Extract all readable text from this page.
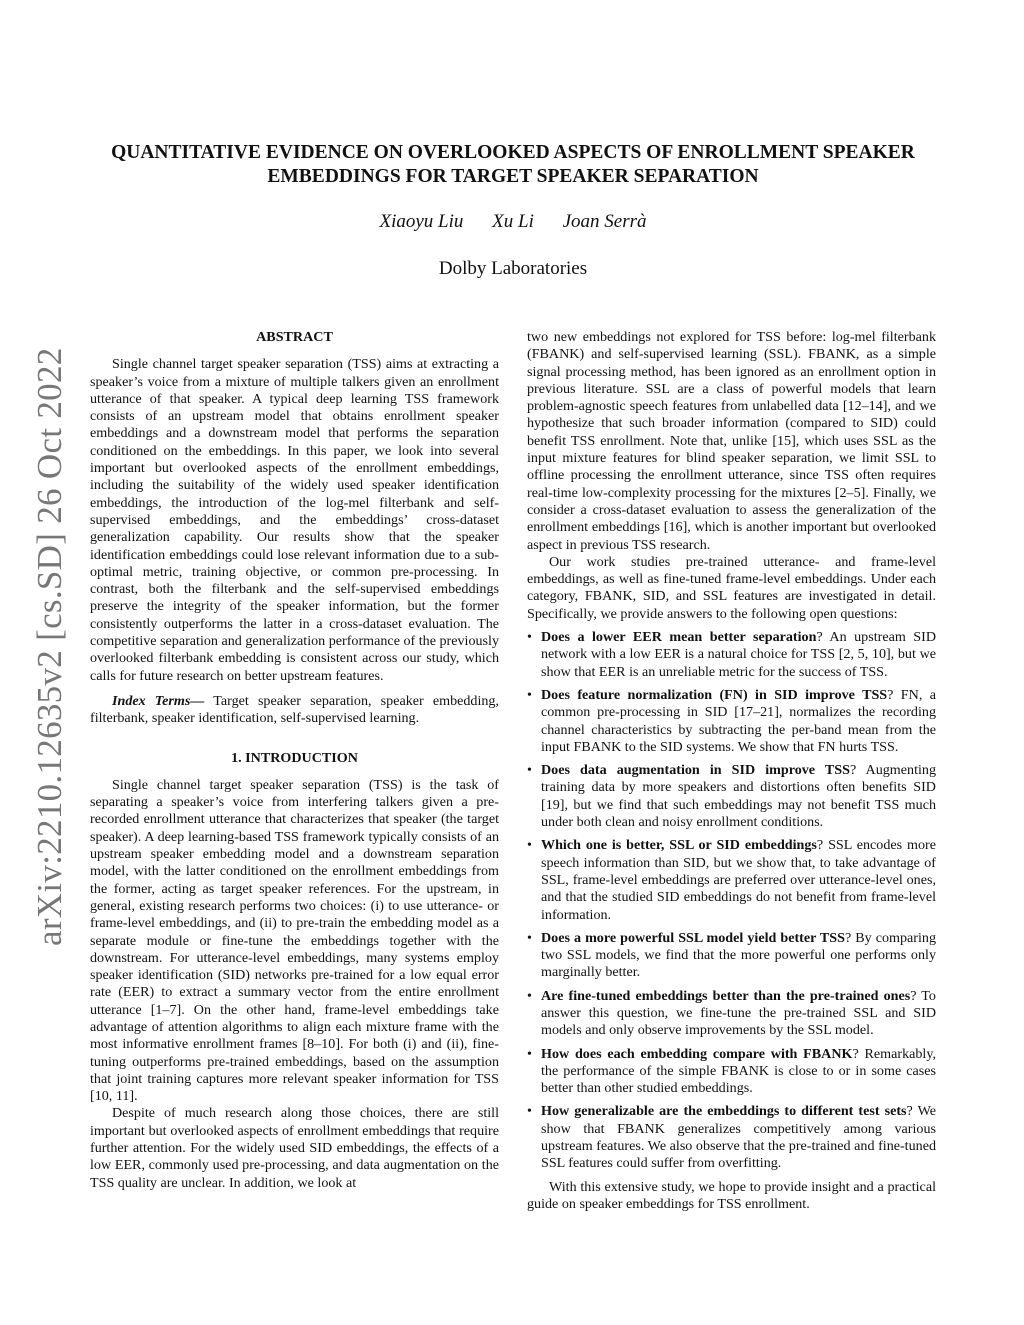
arXiv:2210.12635v2 [cs.SD] 26 Oct 2022
QUANTITATIVE EVIDENCE ON OVERLOOKED ASPECTS OF ENROLLMENT SPEAKER
EMBEDDINGS FOR TARGET SPEAKER SEPARATION
Xiaoyu Liu Xu Li Joan Serrà
Dolby Laboratories
ABSTRACT

Single channel target speaker separation (TSS) aims at extracting a speaker’s voice from a mixture of multiple talkers given an enrollment utterance of that speaker. A typical deep learning TSS framework consists of an upstream model that obtains enrollment speaker embeddings and a downstream model that performs the separation conditioned on the embeddings. In this paper, we look into several important but overlooked aspects of the enrollment embeddings, including the suitability of the widely used speaker identification embeddings, the introduction of the log-mel filterbank and self-supervised embeddings, and the embeddings’ cross-dataset generalization capability. Our results show that the speaker identification embeddings could lose relevant information due to a sub-optimal metric, training objective, or common pre-processing. In contrast, both the filterbank and the self-supervised embeddings preserve the integrity of the speaker information, but the former consistently outperforms the latter in a cross-dataset evaluation. The competitive separation and generalization performance of the previously overlooked filterbank embedding is consistent across our study, which calls for future research on better upstream features.

Index Terms— Target speaker separation, speaker embedding, filterbank, speaker identification, self-supervised learning.

1. INTRODUCTION

Single channel target speaker separation (TSS) is the task of separating a speaker’s voice from interfering talkers given a pre-recorded enrollment utterance that characterizes that speaker (the target speaker). A deep learning-based TSS framework typically consists of an upstream speaker embedding model and a downstream separation model, with the latter conditioned on the enrollment embeddings from the former, acting as target speaker references. For the upstream, in general, existing research performs two choices: (i) to use utterance- or frame-level embeddings, and (ii) to pre-train the embedding model as a separate module or fine-tune the embeddings together with the downstream. For utterance-level embeddings, many systems employ speaker identification (SID) networks pre-trained for a low equal error rate (EER) to extract a summary vector from the entire enrollment utterance [1–7]. On the other hand, frame-level embeddings take advantage of attention algorithms to align each mixture frame with the most informative enrollment frames [8–10]. For both (i) and (ii), fine-tuning outperforms pre-trained embeddings, based on the assumption that joint training captures more relevant speaker information for TSS [10, 11].

Despite of much research along those choices, there are still important but overlooked aspects of enrollment embeddings that require further attention. For the widely used SID embeddings, the effects of a low EER, commonly used pre-processing, and data augmentation on the TSS quality are unclear. In addition, we look at

two new embeddings not explored for TSS before: log-mel filterbank (FBANK) and self-supervised learning (SSL). FBANK, as a simple signal processing method, has been ignored as an enrollment option in previous literature. SSL are a class of powerful models that learn problem-agnostic speech features from unlabelled data [12–14], and we hypothesize that such broader information (compared to SID) could benefit TSS enrollment. Note that, unlike [15], which uses SSL as the input mixture features for blind speaker separation, we limit SSL to offline processing the enrollment utterance, since TSS often requires real-time low-complexity processing for the mixtures [2–5]. Finally, we consider a cross-dataset evaluation to assess the generalization of the enrollment embeddings [16], which is another important but overlooked aspect in previous TSS research.

Our work studies pre-trained utterance- and frame-level embeddings, as well as fine-tuned frame-level embeddings. Under each category, FBANK, SID, and SSL features are investigated in detail. Specifically, we provide answers to the following open questions:

• Does a lower EER mean better separation? An upstream SID network with a low EER is a natural choice for TSS [2, 5, 10], but we show that EER is an unreliable metric for the success of TSS.
• Does feature normalization (FN) in SID improve TSS? FN, a common pre-processing in SID [17–21], normalizes the recording channel characteristics by subtracting the per-band mean from the input FBANK to the SID systems. We show that FN hurts TSS.
• Does data augmentation in SID improve TSS? Augmenting training data by more speakers and distortions often benefits SID [19], but we find that such embeddings may not benefit TSS much under both clean and noisy enrollment conditions.
• Which one is better, SSL or SID embeddings? SSL encodes more speech information than SID, but we show that, to take advantage of SSL, frame-level embeddings are preferred over utterance-level ones, and that the studied SID embeddings do not benefit from frame-level information.
• Does a more powerful SSL model yield better TSS? By comparing two SSL models, we find that the more powerful one performs only marginally better.
• Are fine-tuned embeddings better than the pre-trained ones? To answer this question, we fine-tune the pre-trained SSL and SID models and only observe improvements by the SSL model.
• How does each embedding compare with FBANK? Remarkably, the performance of the simple FBANK is close to or in some cases better than other studied embeddings.
• How generalizable are the embeddings to different test sets? We show that FBANK generalizes competitively among various upstream features. We also observe that the pre-trained and fine-tuned SSL features could suffer from overfitting.

With this extensive study, we hope to provide insight and a practical guide on speaker embeddings for TSS enrollment.
